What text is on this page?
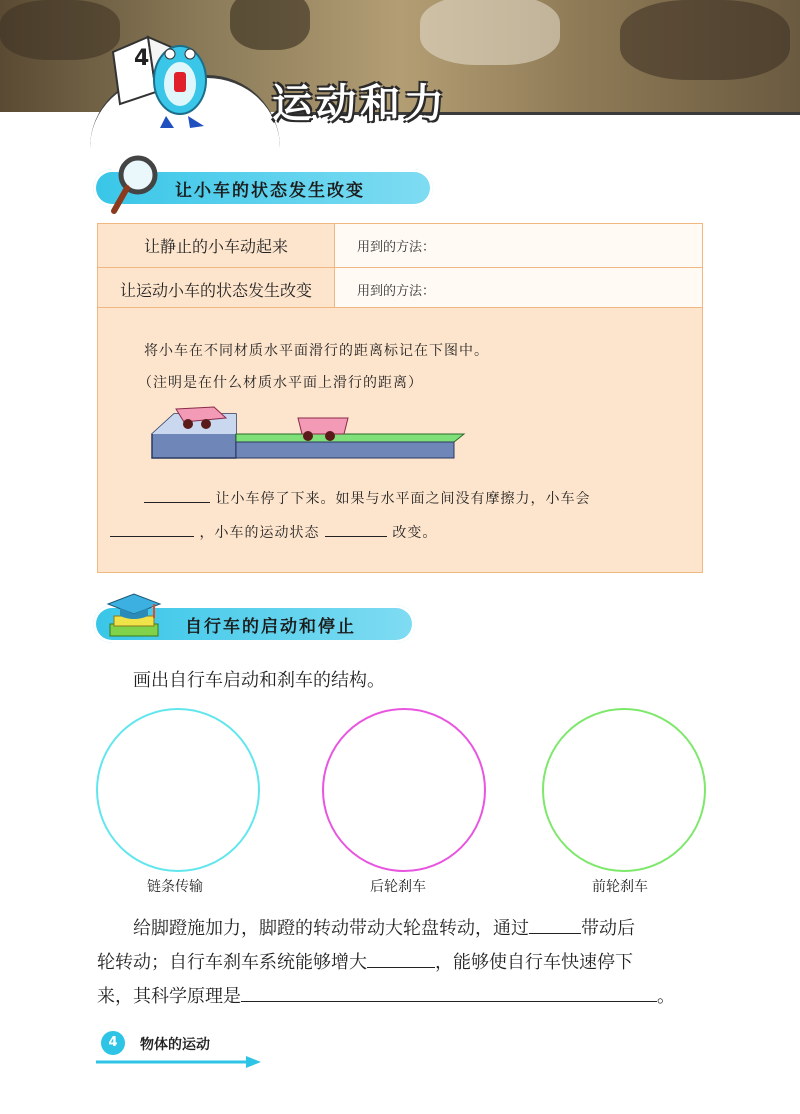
4
运动和力
让小车的状态发生改变
让静止的小车动起来	用到的方法：
让运动小车的状态发生改变	用到的方法：
将小车在不同材质水平面滑行的距离标记在下图中。
（注明是在什么材质水平面上滑行的距离）
让小车停了下来。如果与水平面之间没有摩擦力，小车会
，小车的运动状态	改变。
自行车的启动和停止
画出自行车启动和刹车的结构。
链条传输	后轮刹车	前轮刹车
给脚蹬施加力，脚蹬的转动带动大轮盘转动，通过	带动后
轮转动；自行车刹车系统能够增大	，能够使自行车快速停下
来，其科学原理是	。
4	物体的运动
